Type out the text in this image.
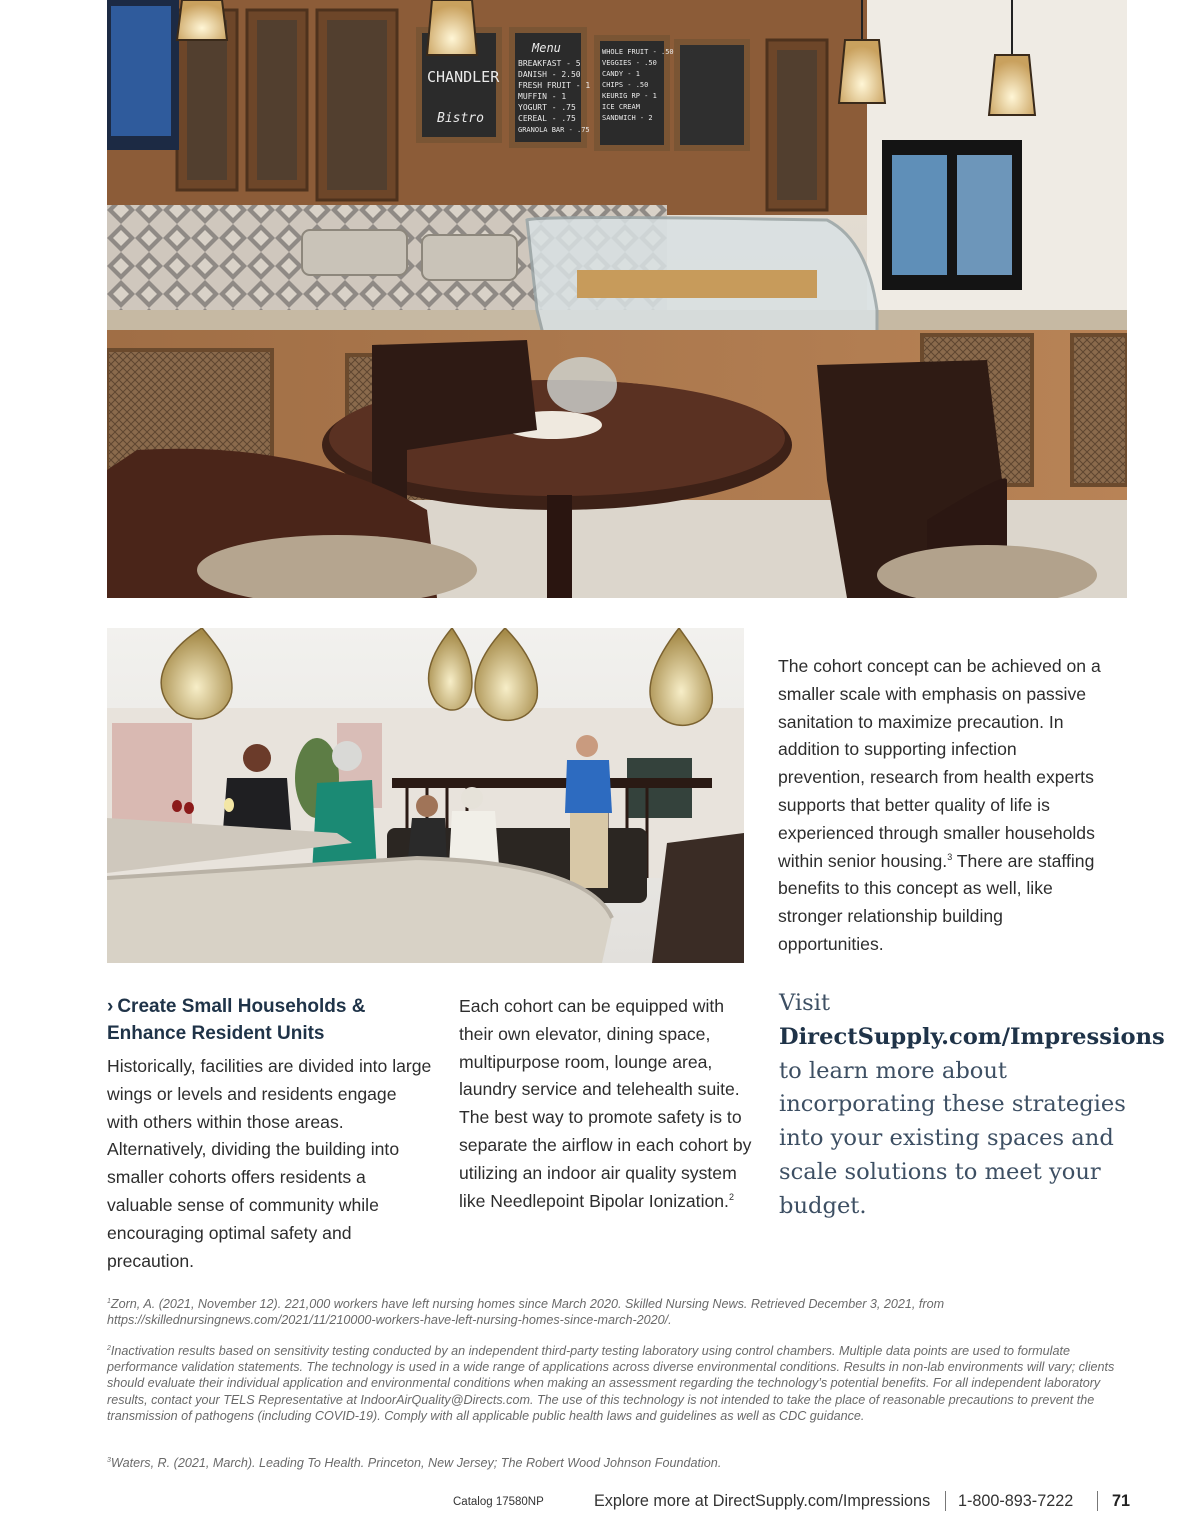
CHANDLER
Bistro
Menu
BREAKFAST - 5
DANISH - 2.50
FRESH FRUIT - 1
MUFFIN - 1
YOGURT - .75
CEREAL - .75
GRANOLA BAR - .75
WHOLE FRUIT - .50
VEGGIES - .50
CANDY - 1
CHIPS - .50
KEURIG RP - 1
ICE CREAM
SANDWICH - 2

The cohort concept can be achieved on a smaller scale with emphasis on passive sanitation to maximize precaution. In addition to supporting infection prevention, research from health experts supports that better quality of life is experienced through smaller households within senior housing.$^3$ There are staffing benefits to this concept as well, like stronger relationship building opportunities.

› Create Small Households & Enhance Resident Units

Historically, facilities are divided into large wings or levels and residents engage with others within those areas. Alternatively, dividing the building into smaller cohorts offers residents a valuable sense of community while encouraging optimal safety and precaution.

Each cohort can be equipped with their own elevator, dining space, multipurpose room, lounge area, laundry service and telehealth suite. The best way to promote safety is to separate the airflow in each cohort by utilizing an indoor air quality system like Needlepoint Bipolar Ionization.$^2$

Visit DirectSupply.com/Impressions to learn more about incorporating these strategies into your existing spaces and scale solutions to meet your budget.
$^1$Zorn, A. (2021, November 12). 221,000 workers have left nursing homes since March 2020. Skilled Nursing News. Retrieved December 3, 2021, from https://skillednursingnews.com/2021/11/210000-workers-have-left-nursing-homes-since-march-2020/.
$^2$Inactivation results based on sensitivity testing conducted by an independent third-party testing laboratory using control chambers. Multiple data points are used to formulate performance validation statements. The technology is used in a wide range of applications across diverse environmental conditions. Results in non-lab environments will vary; clients should evaluate their individual application and environmental conditions when making an assessment regarding the technology’s potential benefits. For all independent laboratory results, contact your TELS Representative at IndoorAirQuality@Directs.com. The use of this technology is not intended to take the place of reasonable precautions to prevent the transmission of pathogens (including COVID-19). Comply with all applicable public health laws and guidelines as well as CDC guidance.
$^3$Waters, R. (2021, March). Leading To Health. Princeton, New Jersey; The Robert Wood Johnson Foundation.
Catalog 17580NP	Explore more at DirectSupply.com/Impressions 1-800-893-7222 71
